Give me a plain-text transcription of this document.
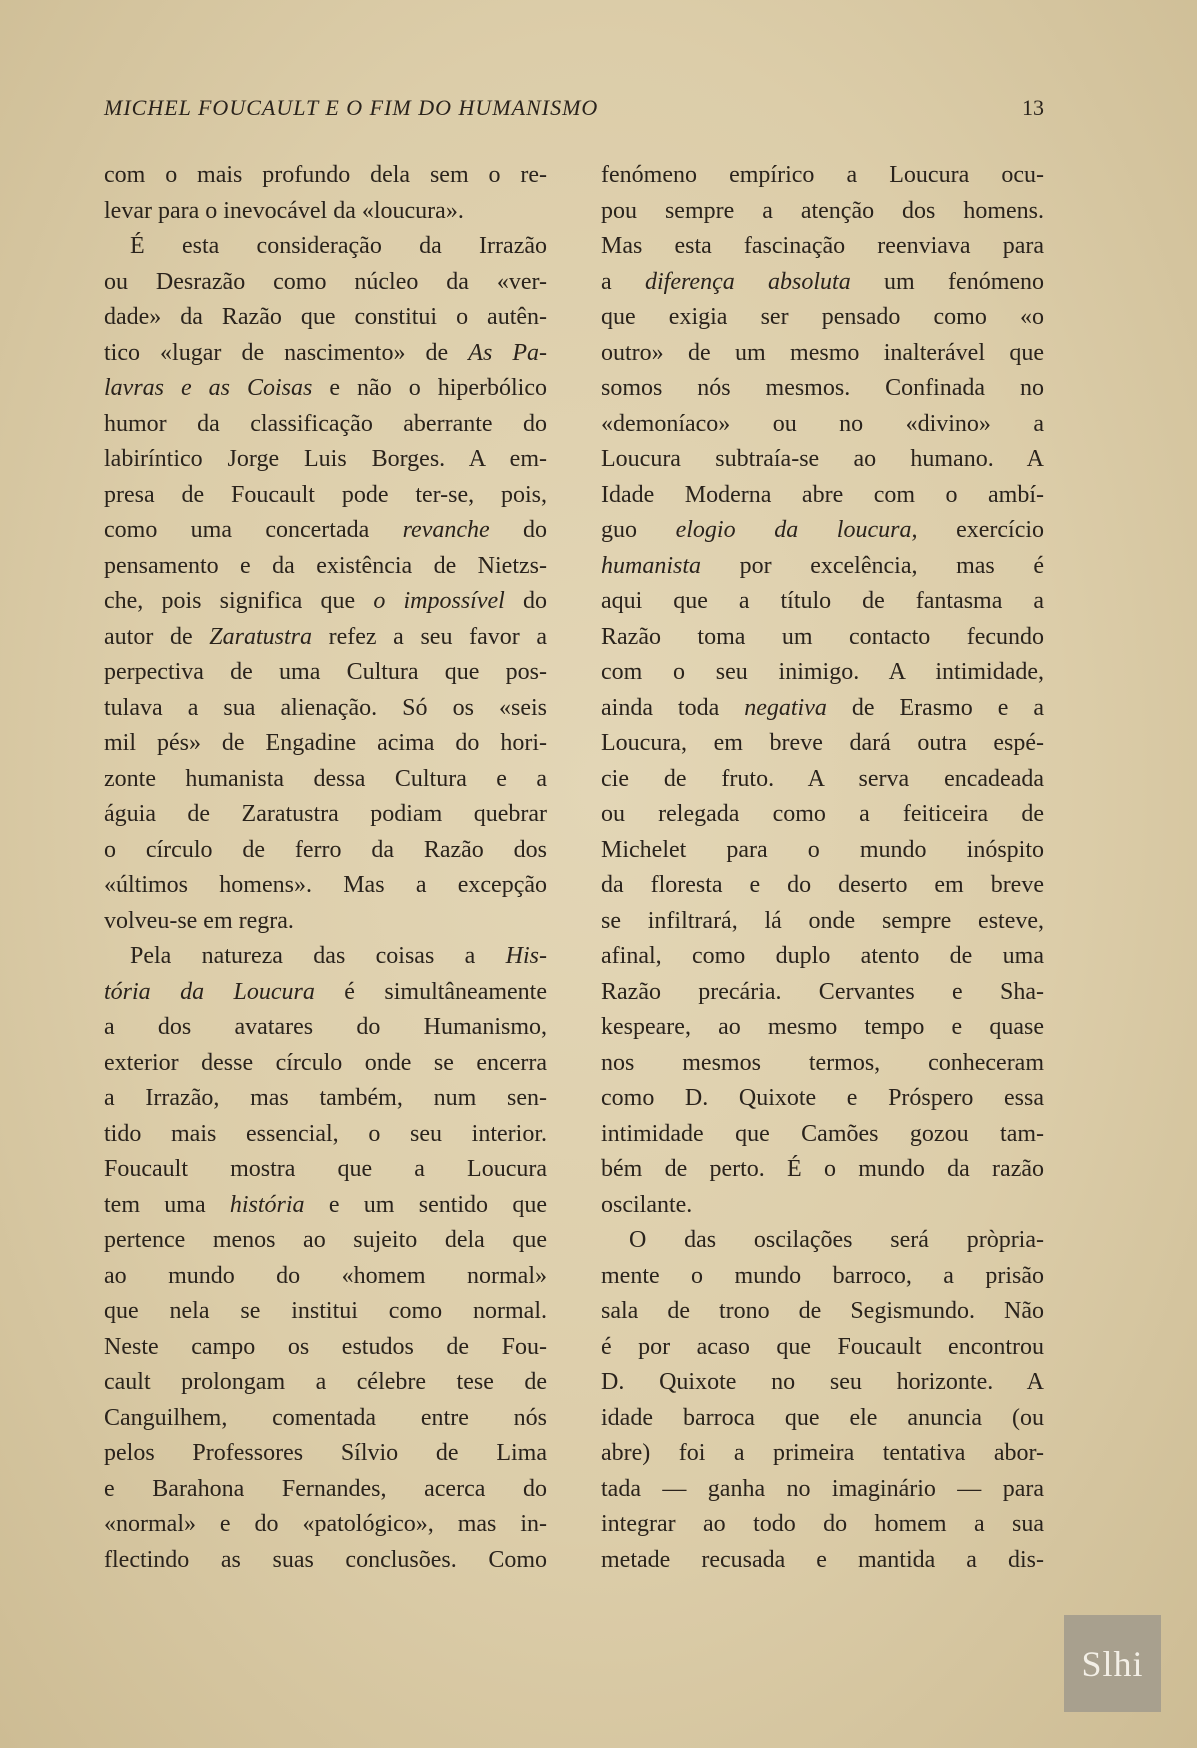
MICHEL FOUCAULT E O FIM DO HUMANISMO	13
com o mais profundo dela sem o re-
levar para o inevocável da «loucura».
É esta consideração da Irrazão
ou Desrazão como núcleo da «ver-
dade» da Razão que constitui o autên-
tico «lugar de nascimento» de As Pa-
lavras e as Coisas e não o hiperbólico
humor da classificação aberrante do
labiríntico Jorge Luis Borges. A em-
presa de Foucault pode ter-se, pois,
como uma concertada revanche do
pensamento e da existência de Nietzs-
che, pois significa que o impossível do
autor de Zaratustra refez a seu favor a
perpectiva de uma Cultura que pos-
tulava a sua alienação. Só os «seis
mil pés» de Engadine acima do hori-
zonte humanista dessa Cultura e a
águia de Zaratustra podiam quebrar
o círculo de ferro da Razão dos
«últimos homens». Mas a excepção
volveu-se em regra.
Pela natureza das coisas a His-
tória da Loucura é simultâneamente
a dos avatares do Humanismo,
exterior desse círculo onde se encerra
a Irrazão, mas também, num sen-
tido mais essencial, o seu interior.
Foucault mostra que a Loucura
tem uma história e um sentido que
pertence menos ao sujeito dela que
ao mundo do «homem normal»
que nela se institui como normal.
Neste campo os estudos de Fou-
cault prolongam a célebre tese de
Canguilhem, comentada entre nós
pelos Professores Sílvio de Lima
e Barahona Fernandes, acerca do
«normal» e do «patológico», mas in-
flectindo as suas conclusões. Como
fenómeno empírico a Loucura ocu-
pou sempre a atenção dos homens.
Mas esta fascinação reenviava para
a diferença absoluta um fenómeno
que exigia ser pensado como «o
outro» de um mesmo inalterável que
somos nós mesmos. Confinada no
«demoníaco» ou no «divino» a
Loucura subtraía-se ao humano. A
Idade Moderna abre com o ambí-
guo elogio da loucura, exercício
humanista por excelência, mas é
aqui que a título de fantasma a
Razão toma um contacto fecundo
com o seu inimigo. A intimidade,
ainda toda negativa de Erasmo e a
Loucura, em breve dará outra espé-
cie de fruto. A serva encadeada
ou relegada como a feiticeira de
Michelet para o mundo inóspito
da floresta e do deserto em breve
se infiltrará, lá onde sempre esteve,
afinal, como duplo atento de uma
Razão precária. Cervantes e Sha-
kespeare, ao mesmo tempo e quase
nos mesmos termos, conheceram
como D. Quixote e Próspero essa
intimidade que Camões gozou tam-
bém de perto. É o mundo da razão
oscilante.
O das oscilações será pròpria-
mente o mundo barroco, a prisão
sala de trono de Segismundo. Não
é por acaso que Foucault encontrou
D. Quixote no seu horizonte. A
idade barroca que ele anuncia (ou
abre) foi a primeira tentativa abor-
tada — ganha no imaginário — para
integrar ao todo do homem a sua
metade recusada e mantida a dis-
Slhi
